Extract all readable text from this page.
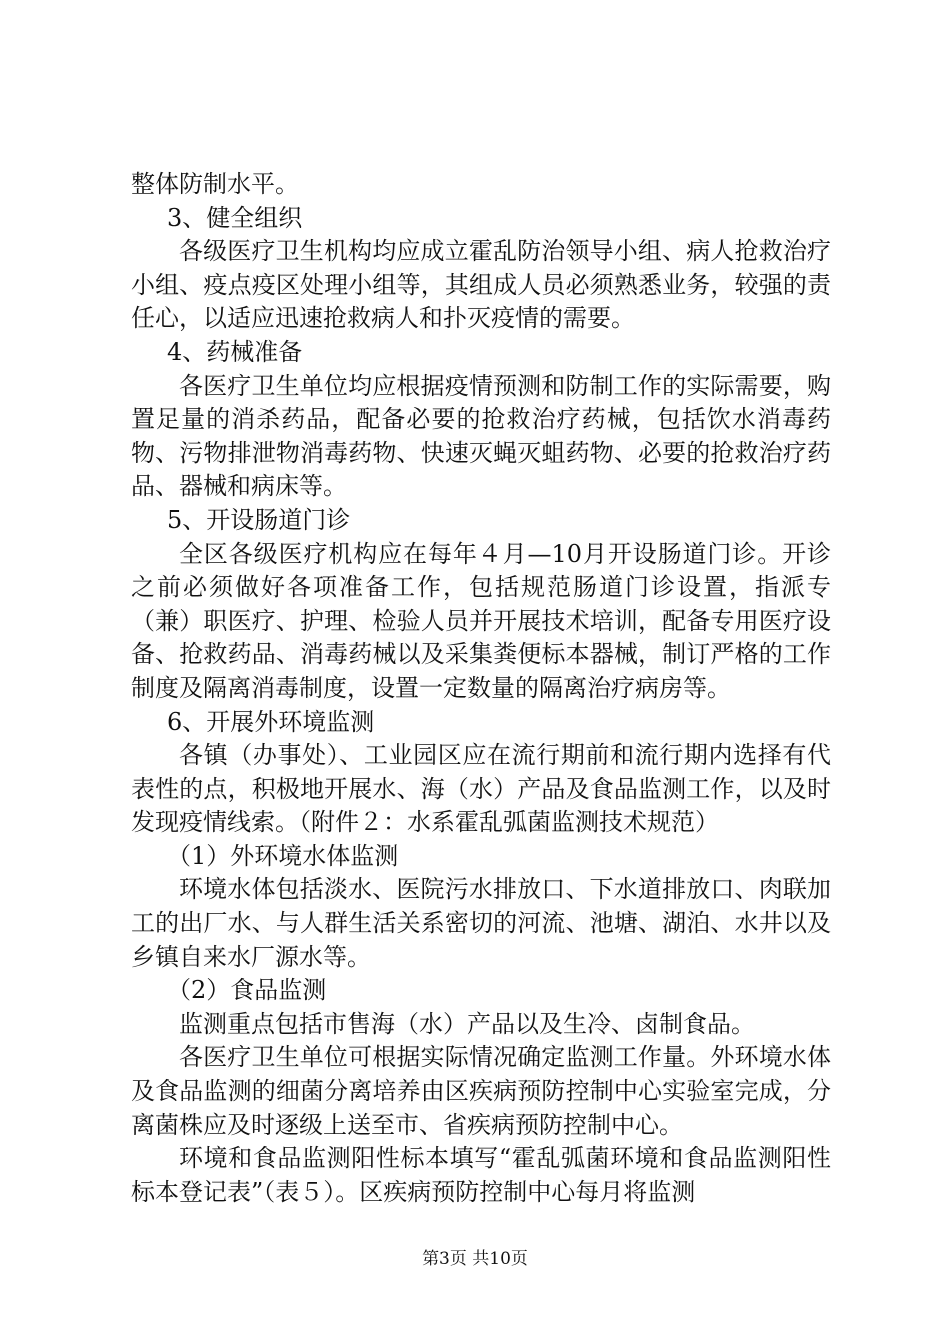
整体防制水平。

3、健全组织

各级医疗卫生机构均应成立霍乱防治领导小组、病人抢救治疗小组、疫点疫区处理小组等，其组成人员必须熟悉业务，较强的责任心，以适应迅速抢救病人和扑灭疫情的需要。

4、药械准备

各医疗卫生单位均应根据疫情预测和防制工作的实际需要，购置足量的消杀药品，配备必要的抢救治疗药械，包括饮水消毒药物、污物排泄物消毒药物、快速灭蝇灭蛆药物、必要的抢救治疗药品、器械和病床等。

5、开设肠道门诊

全区各级医疗机构应在每年４月—10月开设肠道门诊。开诊之前必须做好各项准备工作，包括规范肠道门诊设置，指派专（兼）职医疗、护理、检验人员并开展技术培训，配备专用医疗设备、抢救药品、消毒药械以及采集粪便标本器械，制订严格的工作制度及隔离消毒制度，设置一定数量的隔离治疗病房等。

6、开展外环境监测

各镇（办事处）、工业园区应在流行期前和流行期内选择有代表性的点，积极地开展水、海（水）产品及食品监测工作，以及时发现疫情线索。（附件２：水系霍乱弧菌监测技术规范）

（1）外环境水体监测

环境水体包括淡水、医院污水排放口、下水道排放口、肉联加工的出厂水、与人群生活关系密切的河流、池塘、湖泊、水井以及乡镇自来水厂源水等。

（2）食品监测

监测重点包括市售海（水）产品以及生冷、卤制食品。

各医疗卫生单位可根据实际情况确定监测工作量。外环境水体及食品监测的细菌分离培养由区疾病预防控制中心实验室完成，分离菌株应及时逐级上送至市、省疾病预防控制中心。

环境和食品监测阳性标本填写“霍乱弧菌环境和食品监测阳性标本登记表”（表５）。区疾病预防控制中心每月将监测

第3页 共10页
